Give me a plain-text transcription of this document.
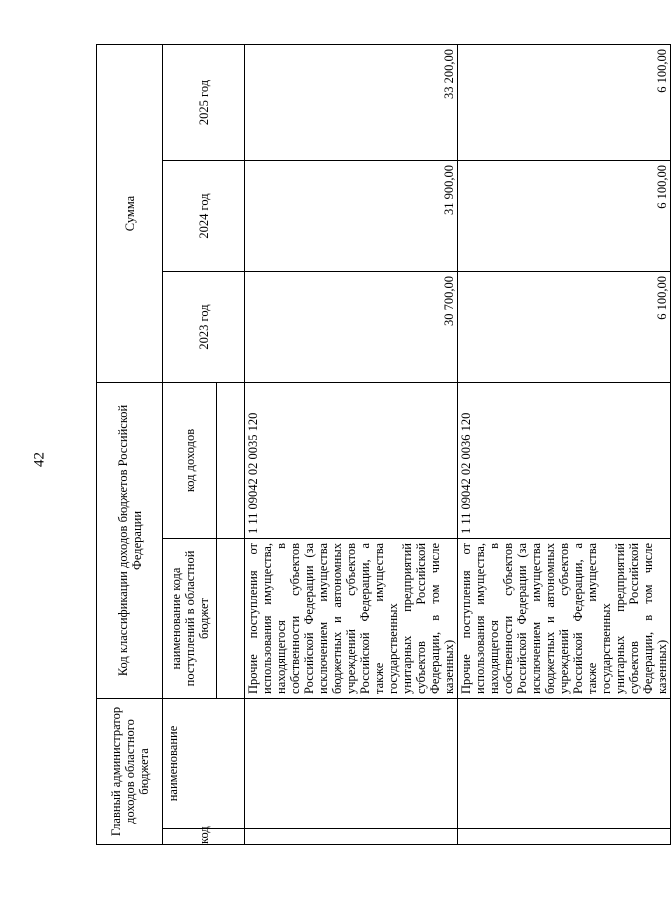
42
Главный администратор доходов областного бюджета		Код классификации доходов бюджетов Российской Федерации		Сумма		
код	наименование	наименование кода поступлений в областной бюджет	код доходов	2023 год	2024 год	2025 год

		Прочие поступления от использования имущества, находящегося в собственности субъектов Российской Федерации (за исключением имущества бюджетных и автономных учреждений субъектов Российской Федерации, а также имущества государственных унитарных предприятий субъектов Российской Федерации, в том числе казенных)	1 11 09042 02 0035 120	30 700,00	31 900,00	33 200,00
		Прочие поступления от использования имущества, находящегося в собственности субъектов Российской Федерации (за исключением имущества бюджетных и автономных учреждений субъектов Российской Федерации, а также имущества государственных унитарных предприятий субъектов Российской Федерации, в том числе казенных)	1 11 09042 02 0036 120	6 100,00	6 100,00	6 100,00
